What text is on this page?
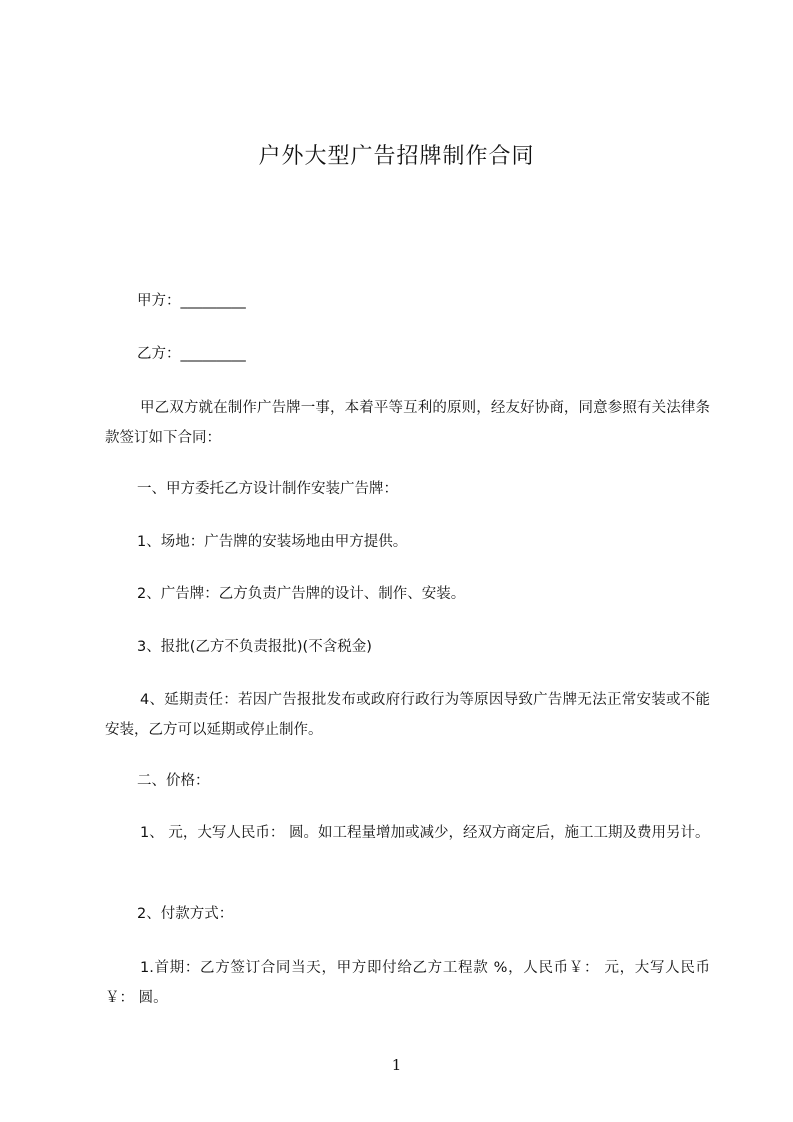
户外大型广告招牌制作合同
甲方：_________
乙方：_________
甲乙双方就在制作广告牌一事，本着平等互利的原则，经友好协商，同意参照有关法律条款签订如下合同：
一、甲方委托乙方设计制作安装广告牌：
1、场地：广告牌的安装场地由甲方提供。
2、广告牌：乙方负责广告牌的设计、制作、安装。
3、报批(乙方不负责报批)(不含税金)
4、延期责任：若因广告报批发布或政府行政行为等原因导致广告牌无法正常安装或不能安装，乙方可以延期或停止制作。
二、价格：
1、 元，大写人民币： 圆。如工程量增加或减少，经双方商定后，施工工期及费用另计。
2、付款方式：
1.首期：乙方签订合同当天，甲方即付给乙方工程款 %，人民币￥： 元，大写人民币￥： 圆。
1
